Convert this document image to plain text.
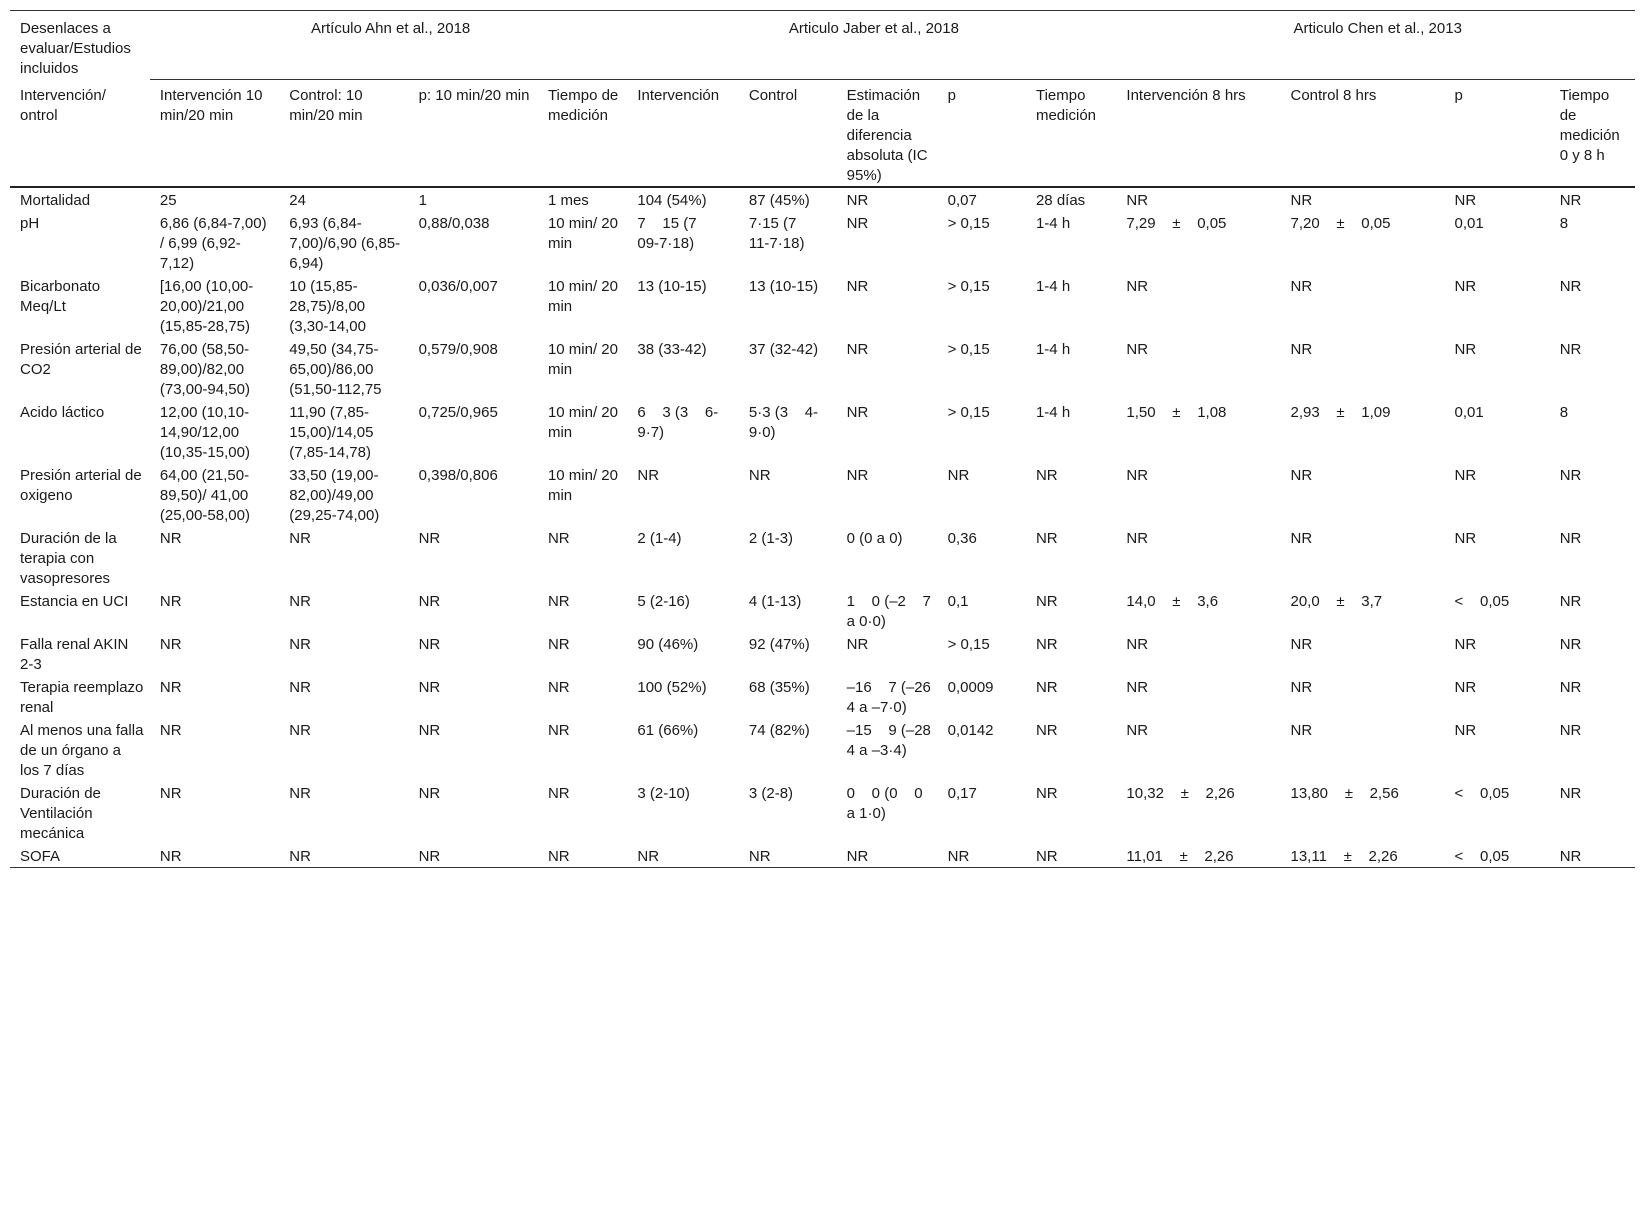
Desenlaces a evaluar/Estudios incluidos	Artículo Ahn et al., 2018				Articulo Jaber et al., 2018					Articulo Chen et al., 2013			
Intervención/ ontrol	Intervención 10 min/20 min	Control: 10 min/20 min	p: 10 min/20 min	Tiempo de medición	Intervención	Control	Estimación de la diferencia absoluta (IC 95%)	p	Tiempo medición	Intervención 8 hrs	Control 8 hrs	p	Tiempo de medición 0 y 8 h
Mortalidad	25	24	1	1 mes	104 (54%)	87 (45%)	NR	0,07	28 días	NR	NR	NR	NR
pH	6,86 (6,84-7,00) / 6,99 (6,92-7,12)	6,93 (6,84-7,00)/6,90 (6,85-6,94)	0,88/0,038	10 min/ 20 min	7    15 (7    09-7·18)	7·15 (7    11-7·18)	NR	> 0,15	1-4 h	7,29    ±    0,05	7,20    ±    0,05	0,01	8
Bicarbonato Meq/Lt	[16,00 (10,00-20,00)/21,00 (15,85-28,75)	10 (15,85-28,75)/8,00 (3,30-14,00	0,036/0,007	10 min/ 20 min	13 (10-15)	13 (10-15)	NR	> 0,15	1-4 h	NR	NR	NR	NR
Presión arterial de CO2	76,00 (58,50-89,00)/82,00 (73,00-94,50)	49,50 (34,75-65,00)/86,00 (51,50-112,75	0,579/0,908	10 min/ 20 min	38 (33-42)	37 (32-42)	NR	> 0,15	1-4 h	NR	NR	NR	NR
Acido láctico	12,00 (10,10-14,90/12,00 (10,35-15,00)	11,90 (7,85-15,00)/14,05 (7,85-14,78)	0,725/0,965	10 min/ 20 min	6    3 (3    6-9·7)	5·3 (3    4-9·0)	NR	> 0,15	1-4 h	1,50    ±    1,08	2,93    ±    1,09	0,01	8
Presión arterial de oxigeno	64,00 (21,50-89,50)/ 41,00 (25,00-58,00)	33,50 (19,00-82,00)/49,00 (29,25-74,00)	0,398/0,806	10 min/ 20 min	NR	NR	NR	NR	NR	NR	NR	NR	NR
Duración de la terapia con vasopresores	NR	NR	NR	NR	2 (1-4)	2 (1-3)	0 (0 a 0)	0,36	NR	NR	NR	NR	NR
Estancia en UCI	NR	NR	NR	NR	5 (2-16)	4 (1-13)	1    0 (–2    7 a 0·0)	0,1	NR	14,0    ±    3,6	20,0    ±    3,7	<    0,05	NR
Falla renal AKIN 2-3	NR	NR	NR	NR	90 (46%)	92 (47%)	NR	> 0,15	NR	NR	NR	NR	NR
Terapia reemplazo renal	NR	NR	NR	NR	100 (52%)	68 (35%)	–16    7 (–26    4 a –7·0)	0,0009	NR	NR	NR	NR	NR
Al menos una falla de un órgano a los 7 días	NR	NR	NR	NR	61 (66%)	74 (82%)	–15    9 (–28    4 a –3·4)	0,0142	NR	NR	NR	NR	NR
Duración de Ventilación mecánica	NR	NR	NR	NR	3 (2-10)	3 (2-8)	0    0 (0    0 a 1·0)	0,17	NR	10,32    ±    2,26	13,80    ±    2,56	<    0,05	NR
SOFA	NR	NR	NR	NR	NR	NR	NR	NR	NR	11,01    ±    2,26	13,11    ±    2,26	<    0,05	NR
